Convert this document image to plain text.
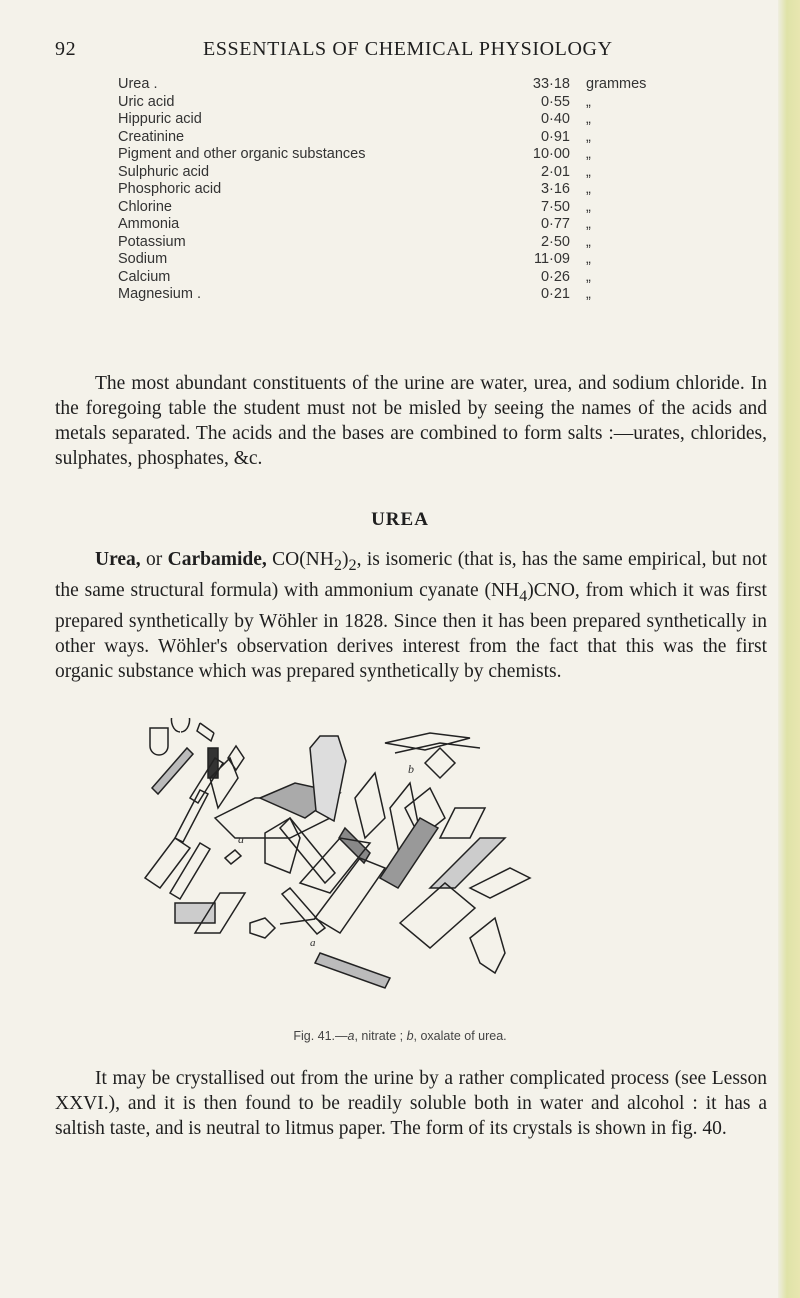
92	ESSENTIALS OF CHEMICAL PHYSIOLOGY
Urea .	33·18 grammes
Uric acid	0·55 „
Hippuric acid	0·40 „
Creatinine	0·91 „
Pigment and other organic substances	10·00 „
Sulphuric acid	2·01 „
Phosphoric acid	3·16 „
Chlorine	7·50 „
Ammonia	0·77 „
Potassium	2·50 „
Sodium	11·09 „
Calcium	0·26 „
Magnesium .	0·21 „

The most abundant constituents of the urine are water, urea, and sodium chloride. In the foregoing table the student must not be misled by seeing the names of the acids and metals separated. The acids and the bases are combined to form salts :—urates, chlorides, sulphates, phosphates, &c.

UREA

Urea, or Carbamide, $CO(NH_2)_2$, is isomeric (that is, has the same empirical, but not the same structural formula) with ammonium cyanate $(NH_4)CNO$, from which it was first prepared synthetically by Wöhler in 1828. Since then it has been prepared synthetically in other ways. Wöhler's observation derives interest from the fact that this was the first organic substance which was prepared synthetically by chemists.

a
a
b
Fig. 41.—a, nitrate ; b, oxalate of urea.

It may be crystallised out from the urine by a rather complicated process (see Lesson XXVI.), and it is then found to be readily soluble both in water and alcohol : it has a saltish taste, and is neutral to litmus paper. The form of its crystals is shown in fig. 40.
